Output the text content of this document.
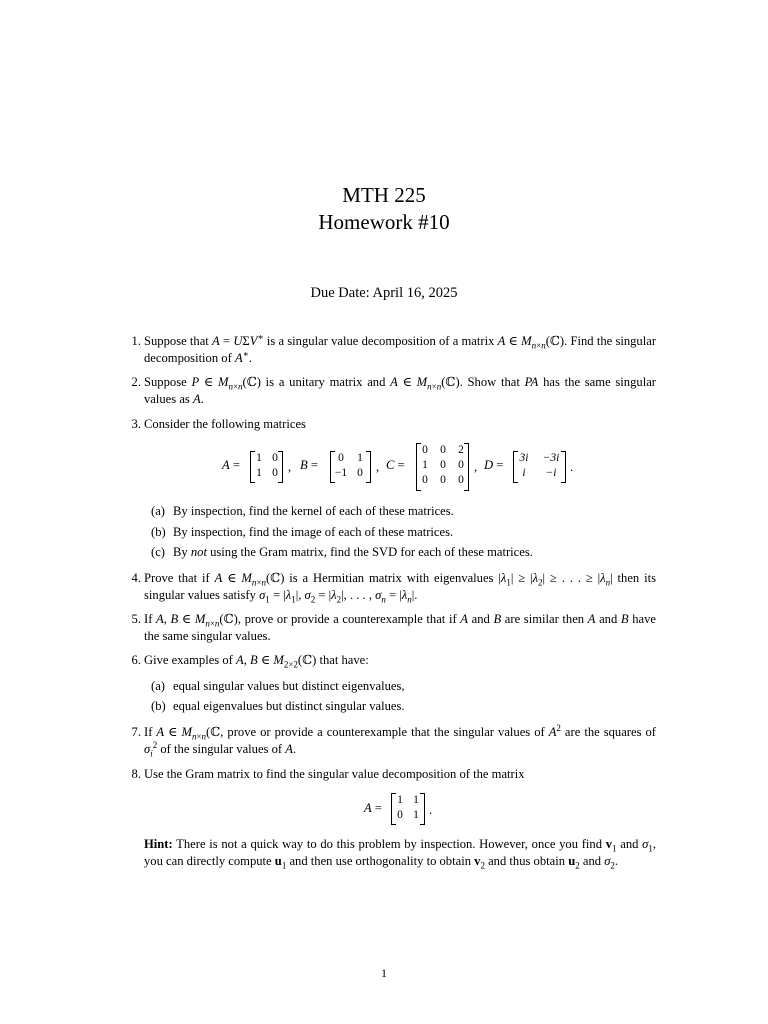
MTH 225
Homework #10
Due Date: April 16, 2025
1. Suppose that A = UΣV∗ is a singular value decomposition of a matrix A ∈ $M_{n\times n}(ℂ)$. Find the singular decomposition of A∗.
2. Suppose P ∈ $M_{n\times n}(ℂ)$ is a unitary matrix and A ∈ $M_{n\times n}(ℂ)$. Show that PA has the same singular values as A.
3. Consider the following matrices
A = 1 0
1 0 , B =	0	1
−1 0 , C =
0 0 2
1 0 0
0 0 0
, D = 3i	−3i
i	−i	.
(a) By inspection, find the kernel of each of these matrices.
(b) By inspection, find the image of each of these matrices.
(c) By not using the Gram matrix, find the SVD for each of these matrices.
4. Prove that if A ∈ $M_{n\times n}(ℂ)$ is a Hermitian matrix with eigenvalues $|\lambda_1| \ge |\lambda_2|$ ≥ . . . ≥ $|\lambda_n|$ then its singular values satisfy $\sigma_1 = |\lambda_1|$, $\sigma_2 = |\lambda_2|$, . . . , $\sigma_n = |\lambda_n|$.
5. If A, B ∈ $M_{n\times n}(ℂ)$, prove or provide a counterexample that if A and B are similar then A and B have the same singular values.
6. Give examples of A, B ∈ $M_{2\times 2}(ℂ)$ that have:
(a) equal singular values but distinct eigenvalues,
(b) equal eigenvalues but distinct singular values.
7. If A ∈ $M_{n\times n}(ℂ$, prove or provide a counterexample that the singular values of $A^2$ are the squares of $\sigma_i^2$ of the singular values of A.
8. Use the Gram matrix to find the singular value decomposition of the matrix
A =
1 1
0 1 .
Hint: There is not a quick way to do this problem by inspection. However, once you find $v_1$ and $\sigma_1$, you can directly compute $u_1$ and then use orthogonality to obtain $v_2$ and thus obtain $u_2$ and $\sigma_2$.
1
